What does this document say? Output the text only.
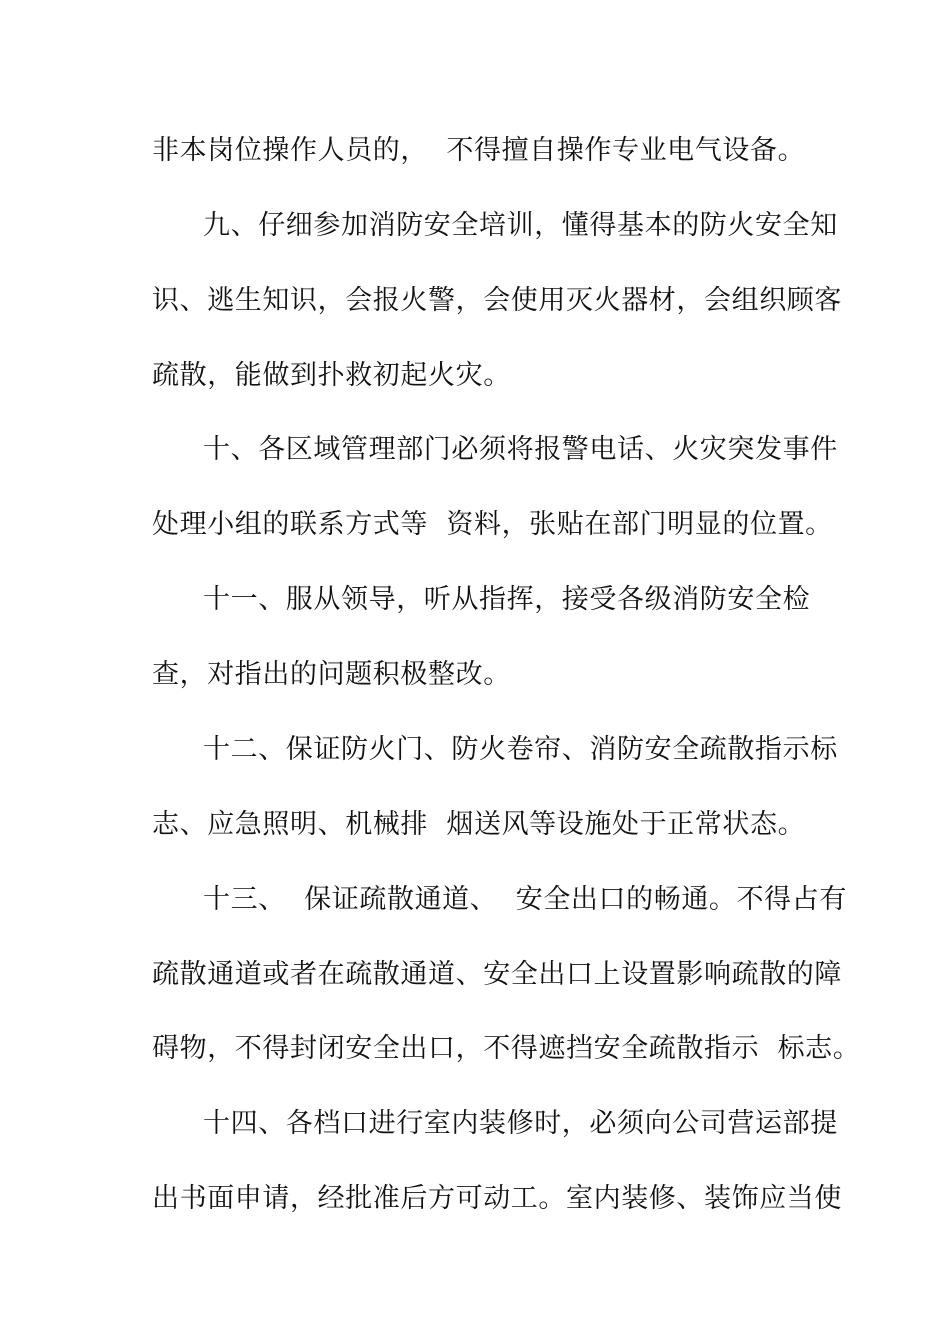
非本岗位操作人员的，  不得擅自操作专业电气设备。
九、仔细参加消防安全培训，懂得基本的防火安全知
识、逃生知识，会报火警，会使用灭火器材，会组织顾客
疏散，能做到扑救初起火灾。
十、各区域管理部门必须将报警电话、火灾突发事件
处理小组的联系方式等  资料，张贴在部门明显的位置。
十一、服从领导，听从指挥，接受各级消防安全检
查，对指出的问题积极整改。
十二、保证防火门、防火卷帘、消防安全疏散指示标
志、应急照明、机械排  烟送风等设施处于正常状态。
十三、  保证疏散通道、  安全出口的畅通。不得占有
疏散通道或者在疏散通道、安全出口上设置影响疏散的障
碍物，不得封闭安全出口，不得遮挡安全疏散指示  标志。
十四、各档口进行室内装修时，必须向公司营运部提
出书面申请，经批准后方可动工。室内装修、装饰应当使
